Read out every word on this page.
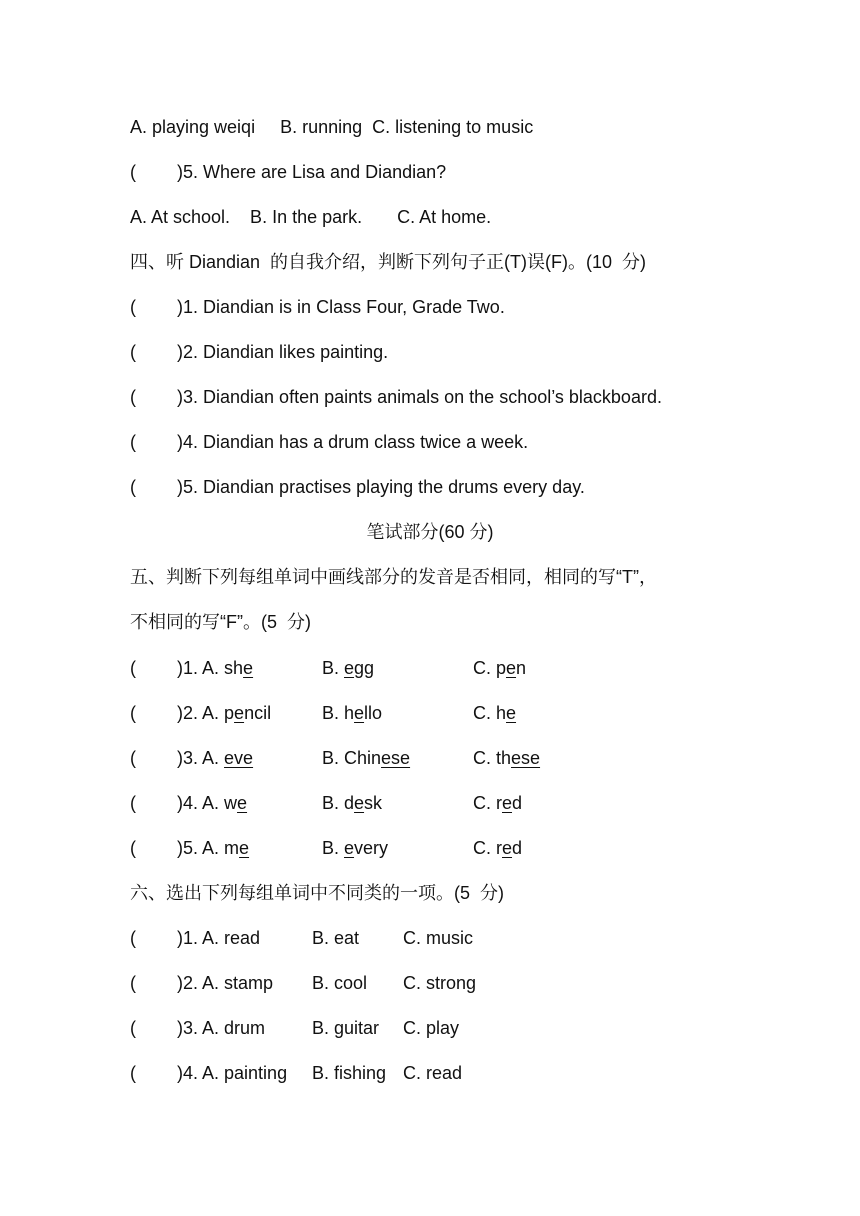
A. playing weiqi     B. running  C. listening to music
( )5. Where are Lisa and Diandian?
A. At school.    B. In the park.       C. At home.
四、听 Diandian  的自我介绍，判断下列句子正(T)误(F)。(10  分)
( )1. Diandian is in Class Four, Grade Two.
( )2. Diandian likes painting.
( )3. Diandian often paints animals on the school’s blackboard.
( )4. Diandian has a drum class twice a week.
( )5. Diandian practises playing the drums every day.
笔试部分(60 分)
五、判断下列每组单词中画线部分的发音是否相同，相同的写“T”，
不相同的写“F”。(5  分)
( )1. A. she	B. egg	C. pen
( )2. A. pencil	B. hello	C. he
( )3. A. eve	B. Chinese	C. these
( )4. A. we	B. desk	C. red
( )5. A. me	B. every	C. red
六、选出下列每组单词中不同类的一项。(5  分)
( )1. A. read	B. eat C. music
( )2. A. stamp B. cool C. strong
( )3. A. drum	B. guitar C. play
( )4. A. painting B. fishing C. read
